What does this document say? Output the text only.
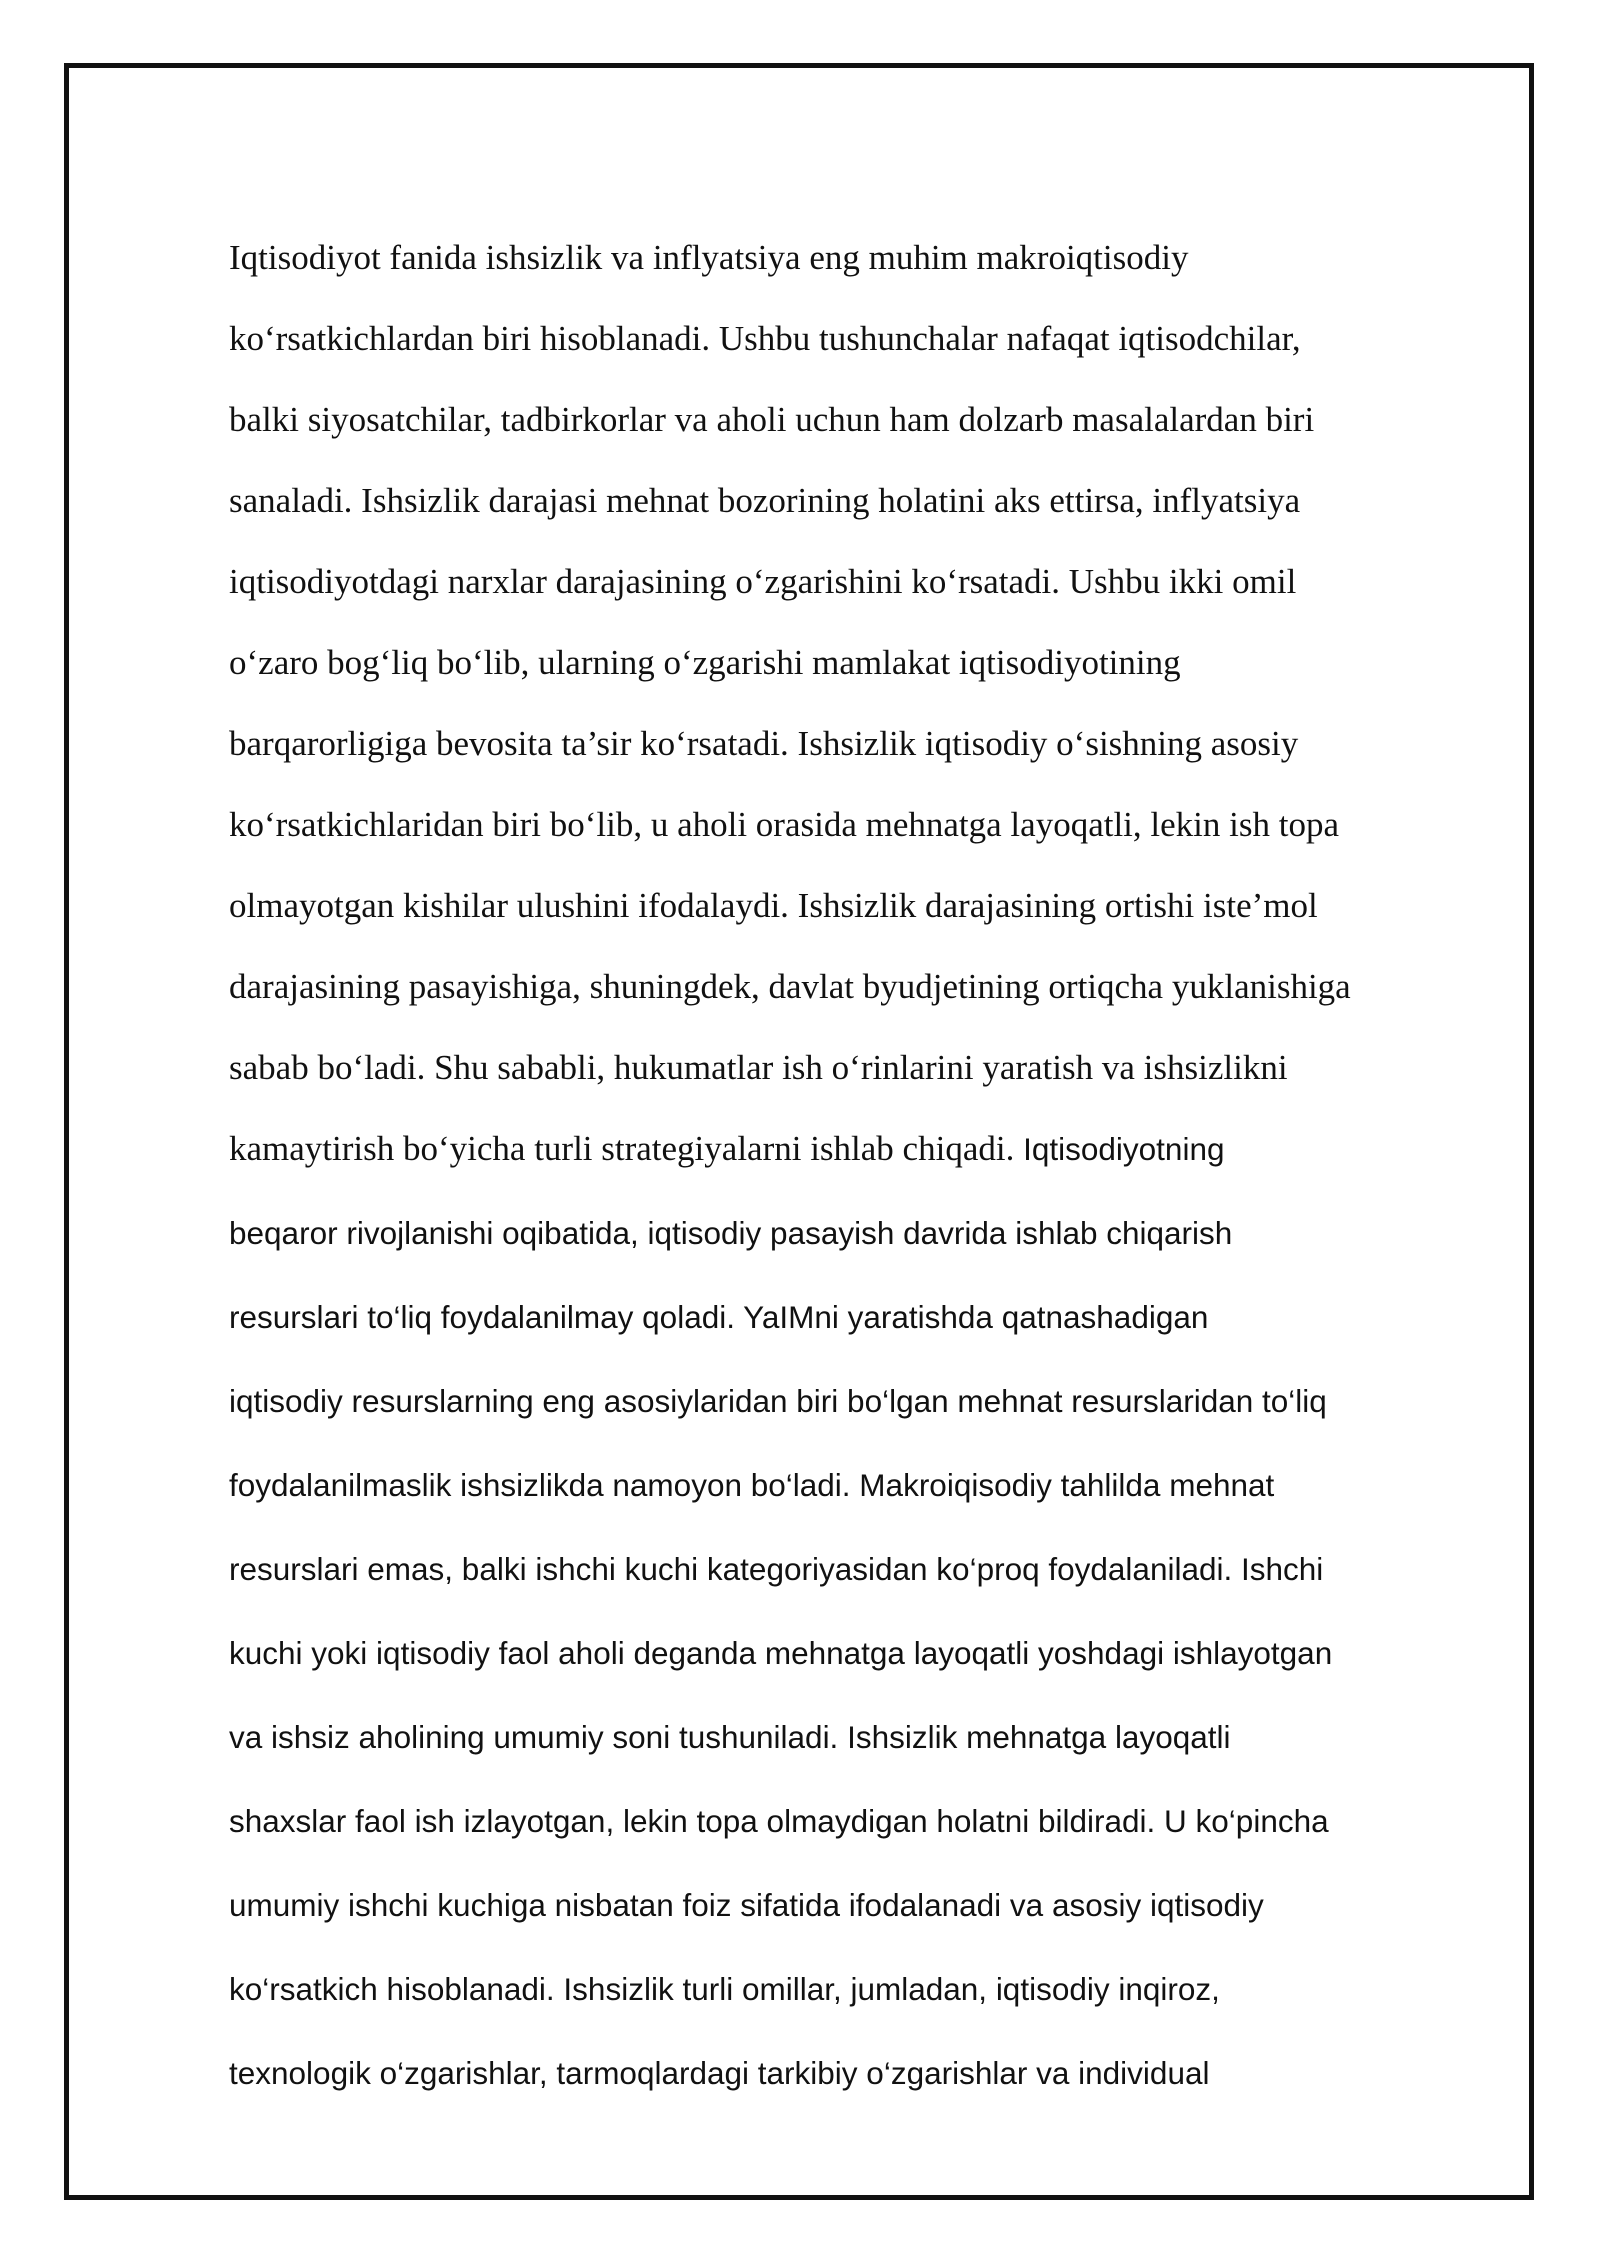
Iqtisodiyot fanida ishsizlik va inflyatsiya eng muhim makroiqtisodiy
ko‘rsatkichlardan biri hisoblanadi. Ushbu tushunchalar nafaqat iqtisodchilar,
balki siyosatchilar, tadbirkorlar va aholi uchun ham dolzarb masalalardan biri
sanaladi. Ishsizlik darajasi mehnat bozorining holatini aks ettirsa, inflyatsiya
iqtisodiyotdagi narxlar darajasining o‘zgarishini ko‘rsatadi. Ushbu ikki omil
o‘zaro bog‘liq bo‘lib, ularning o‘zgarishi mamlakat iqtisodiyotining
barqarorligiga bevosita ta’sir ko‘rsatadi. Ishsizlik iqtisodiy o‘sishning asosiy
ko‘rsatkichlaridan biri bo‘lib, u aholi orasida mehnatga layoqatli, lekin ish topa
olmayotgan kishilar ulushini ifodalaydi. Ishsizlik darajasining ortishi iste’mol
darajasining pasayishiga, shuningdek, davlat byudjetining ortiqcha yuklanishiga
sabab bo‘ladi. Shu sababli, hukumatlar ish o‘rinlarini yaratish va ishsizlikni
kamaytirish bo‘yicha turli strategiyalarni ishlab chiqadi. Iqtisodiyotning
beqaror rivojlanishi oqibatida, iqtisodiy pasayish davrida ishlab chiqarish
resurslari to‘liq foydalanilmay qoladi. YaIMni yaratishda qatnashadigan
iqtisodiy resurslarning eng asosiylaridan biri bo‘lgan mehnat resurslaridan to‘liq
foydalanilmaslik ishsizlikda namoyon bo‘ladi. Makroiqisodiy tahlilda mehnat
resurslari emas, balki ishchi kuchi kategoriyasidan ko‘proq foydalaniladi. Ishchi
kuchi yoki iqtisodiy faol aholi deganda mehnatga layoqatli yoshdagi ishlayotgan
va ishsiz aholining umumiy soni tushuniladi. Ishsizlik mehnatga layoqatli
shaxslar faol ish izlayotgan, lekin topa olmaydigan holatni bildiradi. U ko‘pincha
umumiy ishchi kuchiga nisbatan foiz sifatida ifodalanadi va asosiy iqtisodiy
ko‘rsatkich hisoblanadi. Ishsizlik turli omillar, jumladan, iqtisodiy inqiroz,
texnologik o‘zgarishlar, tarmoqlardagi tarkibiy o‘zgarishlar va individual
